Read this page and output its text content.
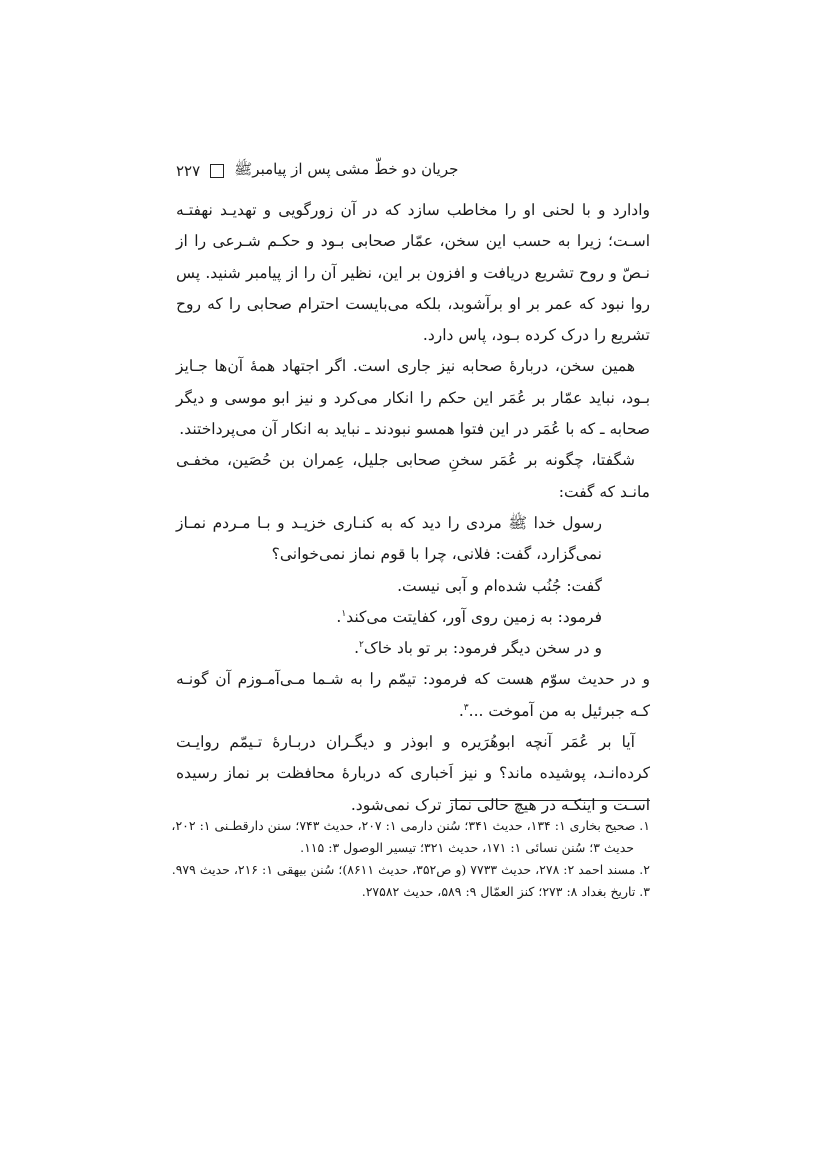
جریان دو خطّ مشی پس از پیامبرﷺ
۲۲۷

وادارد و با لحنی او را مخاطب سازد که در آن زورگویی و تهدیـد نهفتـه اسـت؛ زیرا به حسب این سخن، عمّار صحابی بـود و حکـم شـرعی را از نـصّ و روح تشریع دریافت و افزون بر این، نظیر آن را از پیامبر شنید. پس روا نبود که عمر بر او برآشوبد، بلکه می‌بایست احترام صحابی را که روح تشریع را درک کرده بـود، پاس دارد.

همین سخن، دربارهٔ صحابه نیز جاری است. اگر اجتهاد همهٔ آن‌ها جـایز بـود، نباید عمّار بر عُمَر این حکم را انکار می‌کرد و نیز ابو موسی و دیگر صحابه ـ که با عُمَر در این فتوا همسو نبودند ـ نباید به انکار آن می‌پرداختند.

شگفتا، چگونه بر عُمَر سخنِ صحابی جلیل، عِمران بن حُصَین، مخفـی مانـد که گفت:

رسول خدا ﷺ مردی را دید که به کنـاری خزیـد و بـا مـردم نمـاز نمی‌گزارد، گفت: فلانی، چرا با قوم نماز نمی‌خوانی؟
گفت: جُنُب شده‌ام و آبی نیست.
فرمود: به زمین روی آور، کفایتت می‌کند$^۱$.
و در سخن دیگر فرمود: بر تو باد خاک$^۲$.

و در حدیث سوّم هست که فرمود: تیمّم را به شـما مـی‌آمـوزم آن گونـه کـه جبرئیل به من آموخت ...$^۳$.

آیا بر عُمَر آنچه ابوهُرَیره و ابوذر و دیگـران دربـارهٔ تـیمّم روایـت کرده‌انـد، پوشیده ماند؟ و نیز اَخباری که دربارهٔ محافظت بر نماز رسیده اسـت و اینکـه در هیچ حالی نماز ترک نمی‌شود.

۱. صحیح بخاری ۱: ۱۳۴، حدیث ۳۴۱؛ سُنن دارمی ۱: ۲۰۷، حدیث ۷۴۳؛ سنن دارقطـنی ۱: ۲۰۲،

حدیث ۳؛ سُنن نسائی ۱: ۱۷۱، حدیث ۳۲۱؛ تیسیر الوصول ۳: ۱۱۵.

۲. مسند احمد ۲: ۲۷۸، حدیث ۷۷۳۳ (و ص۳۵۲، حدیث ۸۶۱۱)؛ سُنن بیهقی ۱: ۲۱۶، حدیث ۹۷۹.

۳. تاریخ بغداد ۸: ۲۷۳؛ کنز العمّال ۹: ۵۸۹، حدیث ۲۷۵۸۲.
